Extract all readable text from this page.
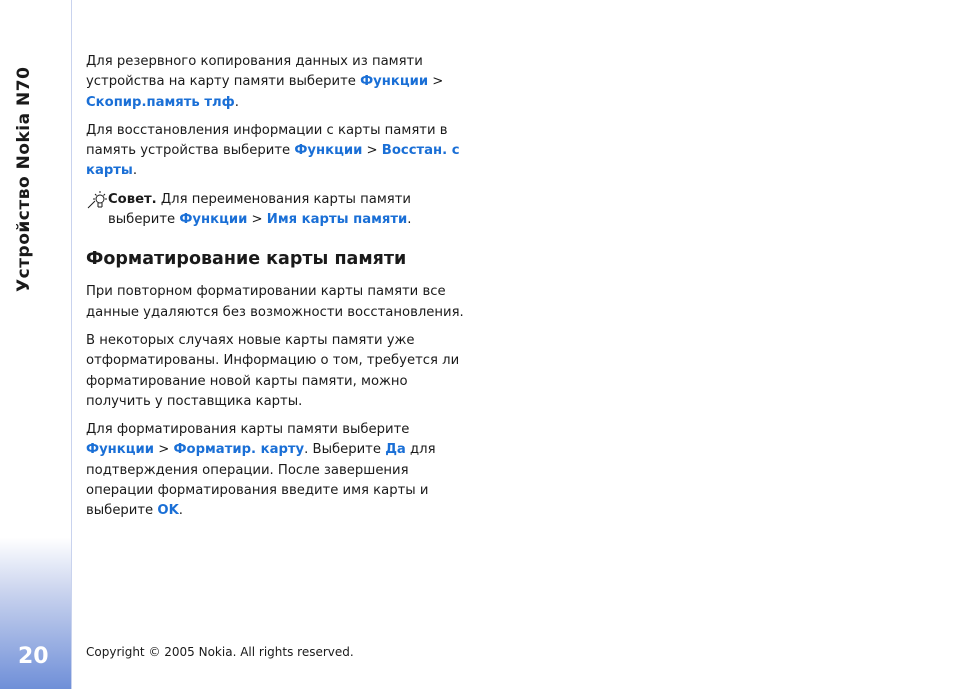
Устройство Nokia N70
20

Для резервного копирования данных из памяти устройства на карту памяти выберите Функции > Скопир.память тлф.

Для восстановления информации с карты памяти в память устройства выберите Функции > Восстан. с карты.

Совет. Для переименования карты памяти
выберите Функции > Имя карты памяти.
Форматирование карты памяти

При повторном форматировании карты памяти все данные удаляются без возможности восстановления.

В некоторых случаях новые карты памяти уже отформатированы. Информацию о том, требуется ли форматирование новой карты памяти, можно получить у поставщика карты.

Для форматирования карты памяти выберите Функции > Форматир. карту. Выберите Да для подтверждения операции. После завершения операции форматирования введите имя карты и выберите OK.

Copyright © 2005 Nokia. All rights reserved.
